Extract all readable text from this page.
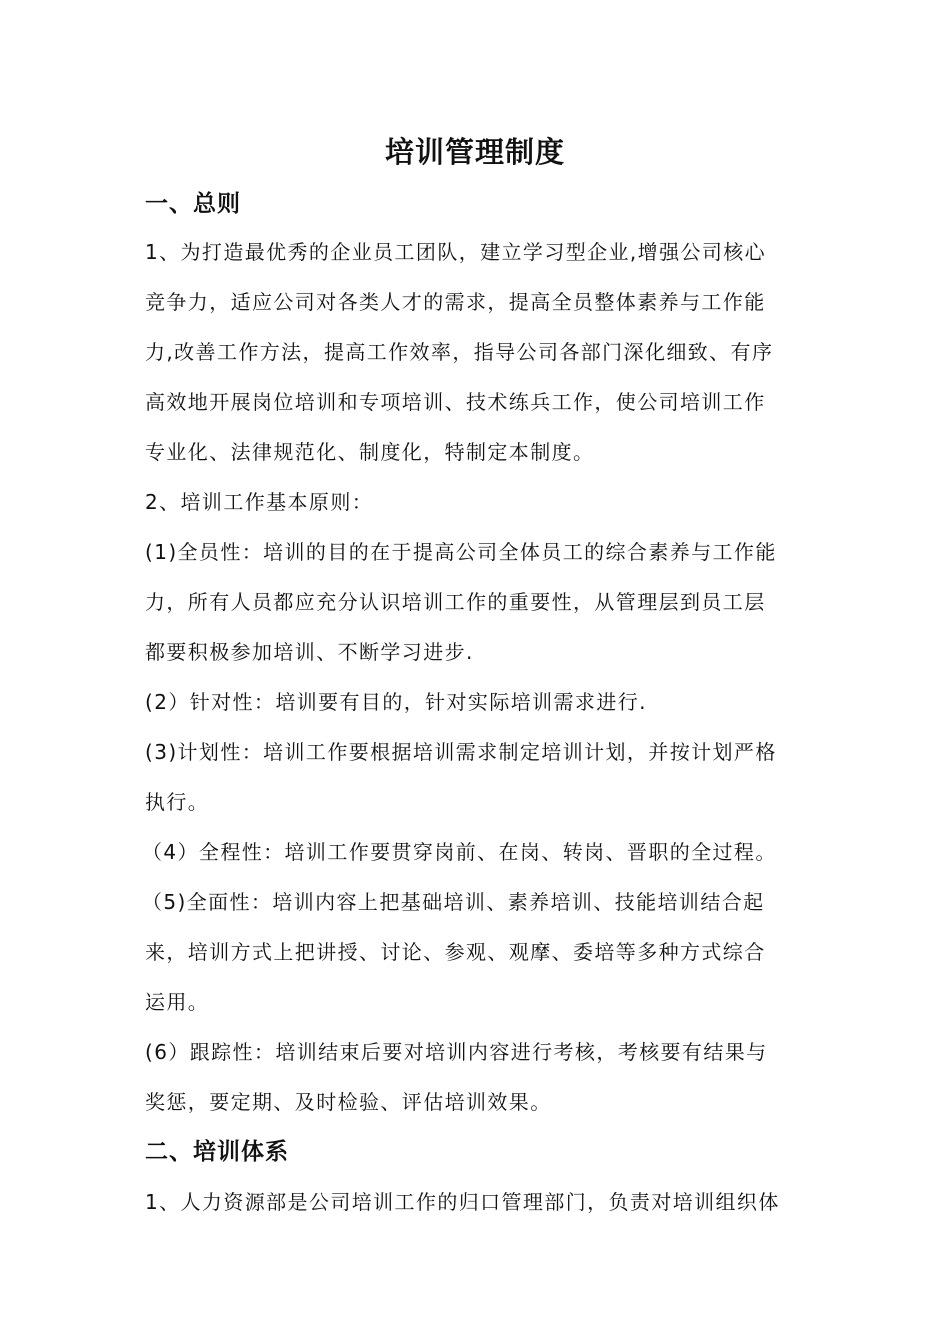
培训管理制度
一、总则
1、为打造最优秀的企业员工团队，建立学习型企业,增强公司核心
竞争力，适应公司对各类人才的需求，提高全员整体素养与工作能
力,改善工作方法，提高工作效率，指导公司各部门深化细致、有序
高效地开展岗位培训和专项培训、技术练兵工作，使公司培训工作
专业化、法律规范化、制度化，特制定本制度。
2、培训工作基本原则：
(1)全员性：培训的目的在于提高公司全体员工的综合素养与工作能
力，所有人员都应充分认识培训工作的重要性，从管理层到员工层
都要积极参加培训、不断学习进步.
(2）针对性：培训要有目的，针对实际培训需求进行.
(3)计划性：培训工作要根据培训需求制定培训计划，并按计划严格
执行。
（4）全程性：培训工作要贯穿岗前、在岗、转岗、晋职的全过程。
（5)全面性：培训内容上把基础培训、素养培训、技能培训结合起
来，培训方式上把讲授、讨论、参观、观摩、委培等多种方式综合
运用。
(6）跟踪性：培训结束后要对培训内容进行考核，考核要有结果与
奖惩，要定期、及时检验、评估培训效果。
二、培训体系
1、人力资源部是公司培训工作的归口管理部门，负责对培训组织体
